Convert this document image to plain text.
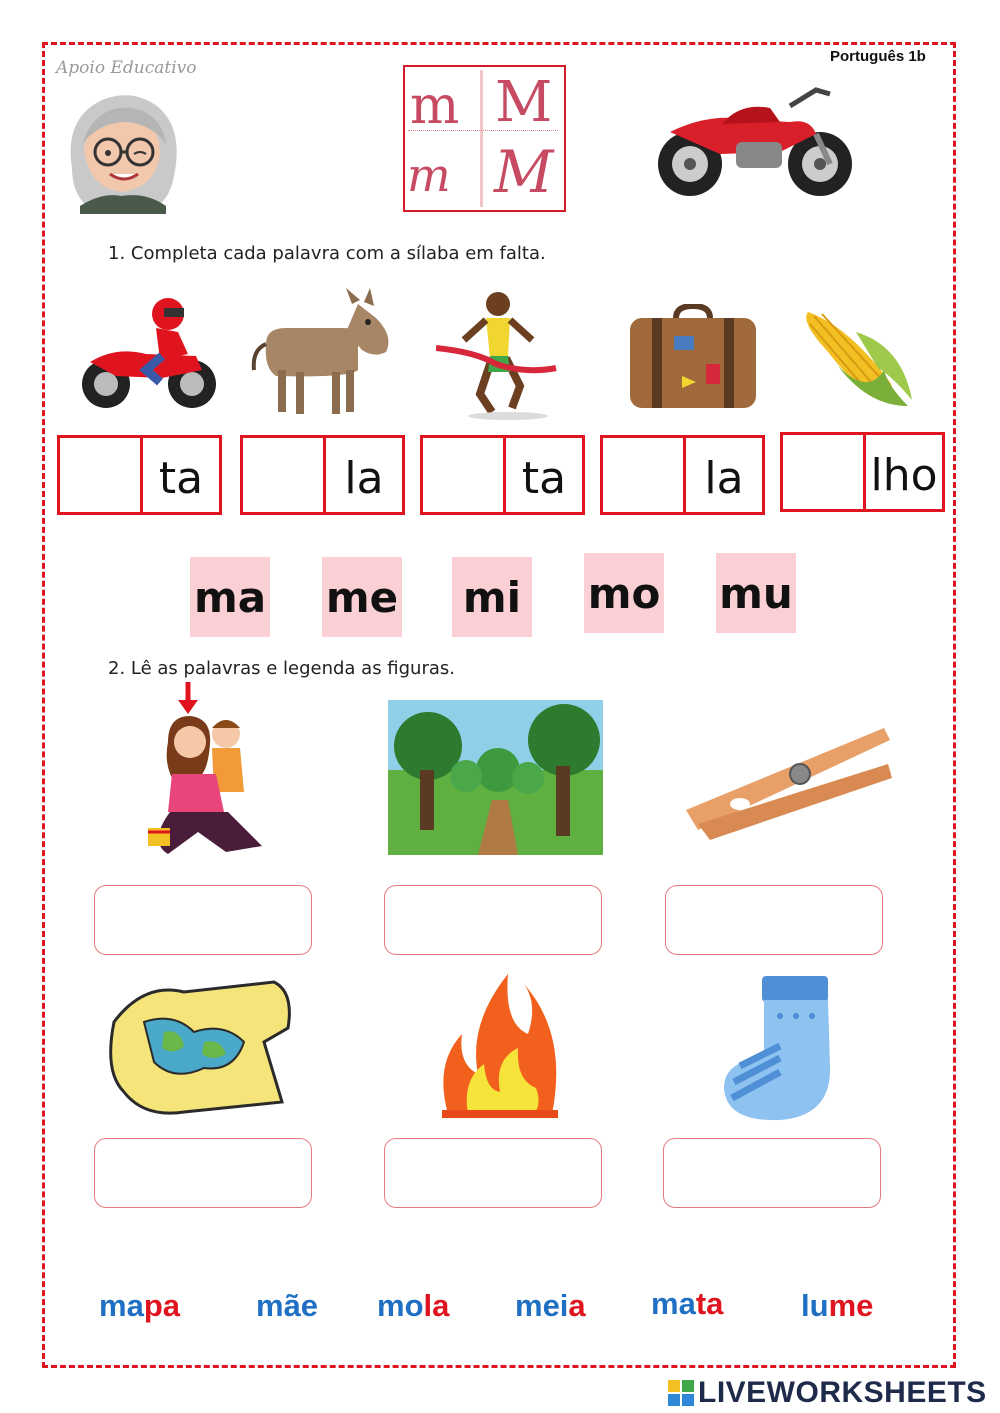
Português 1b
Apoio Educativo
m M
m M
1. Completa cada palavra com a sílaba em falta.
ta	la	ta	la	lho
ma me mi mo mu
2. Lê as palavras e legenda as figuras.
mapa mãe mola meia mata	lume
LIVEWORKSHEETS
